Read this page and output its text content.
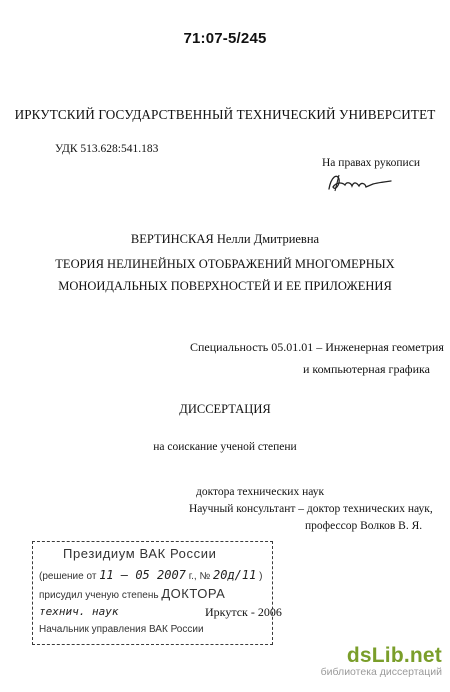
71:07-5/245
ИРКУТСКИЙ ГОСУДАРСТВЕННЫЙ ТЕХНИЧЕСКИЙ УНИВЕРСИТЕТ
УДК 513.628:541.183
На правах рукописи
ВЕРТИНСКАЯ Нелли Дмитриевна
ТЕОРИЯ НЕЛИНЕЙНЫХ ОТОБРАЖЕНИЙ МНОГОМЕРНЫХ
МОНОИДАЛЬНЫХ ПОВЕРХНОСТЕЙ И ЕЕ ПРИЛОЖЕНИЯ
Специальность 05.01.01 – Инженерная геометрия
и компьютерная графика
ДИССЕРТАЦИЯ
на соискание ученой степени
доктора технических наук
Научный консультант – доктор технических наук,
профессор Волков В. Я.
Президиум ВАК России
(решение от 11 — 05 2007 г., № 20д/11 )
присудил ученую степень ДОКТОРА
технич. наук
Начальник управления ВАК России
Иркутск - 2006
dsLib.net
библиотека диссертаций
